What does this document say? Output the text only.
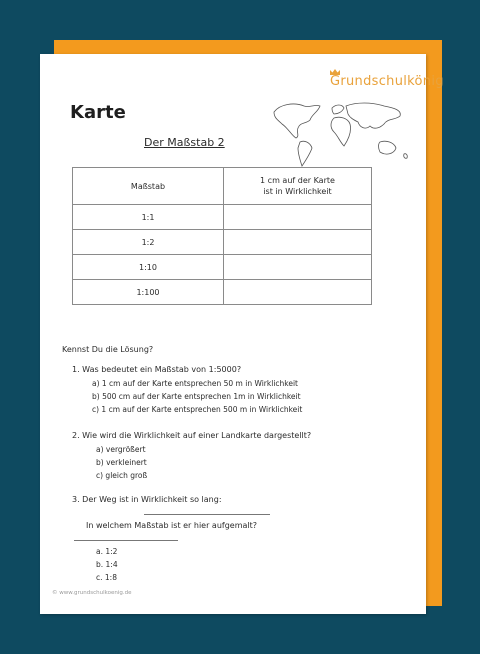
Grundschulkönig
Karte
Der Maßstab 2
Maßstab	1 cm auf der Karte
ist in Wirklichkeit
1:1	
1:2	
1:10	
1:100	
Kennst Du die Lösung?
1. Was bedeutet ein Maßstab von 1:5000?
a) 1 cm auf der Karte entsprechen 50 m in Wirklichkeit
b) 500 cm auf der Karte entsprechen 1m in Wirklichkeit
c) 1 cm auf der Karte entsprechen 500 m in Wirklichkeit
2. Wie wird die Wirklichkeit auf einer Landkarte dargestellt?
a) vergrößert
b) verkleinert
c) gleich groß
3. Der Weg ist in Wirklichkeit so lang:
In welchem Maßstab ist er hier aufgemalt?
a. 1:2
b. 1:4
c. 1:8
© www.grundschulkoenig.de
